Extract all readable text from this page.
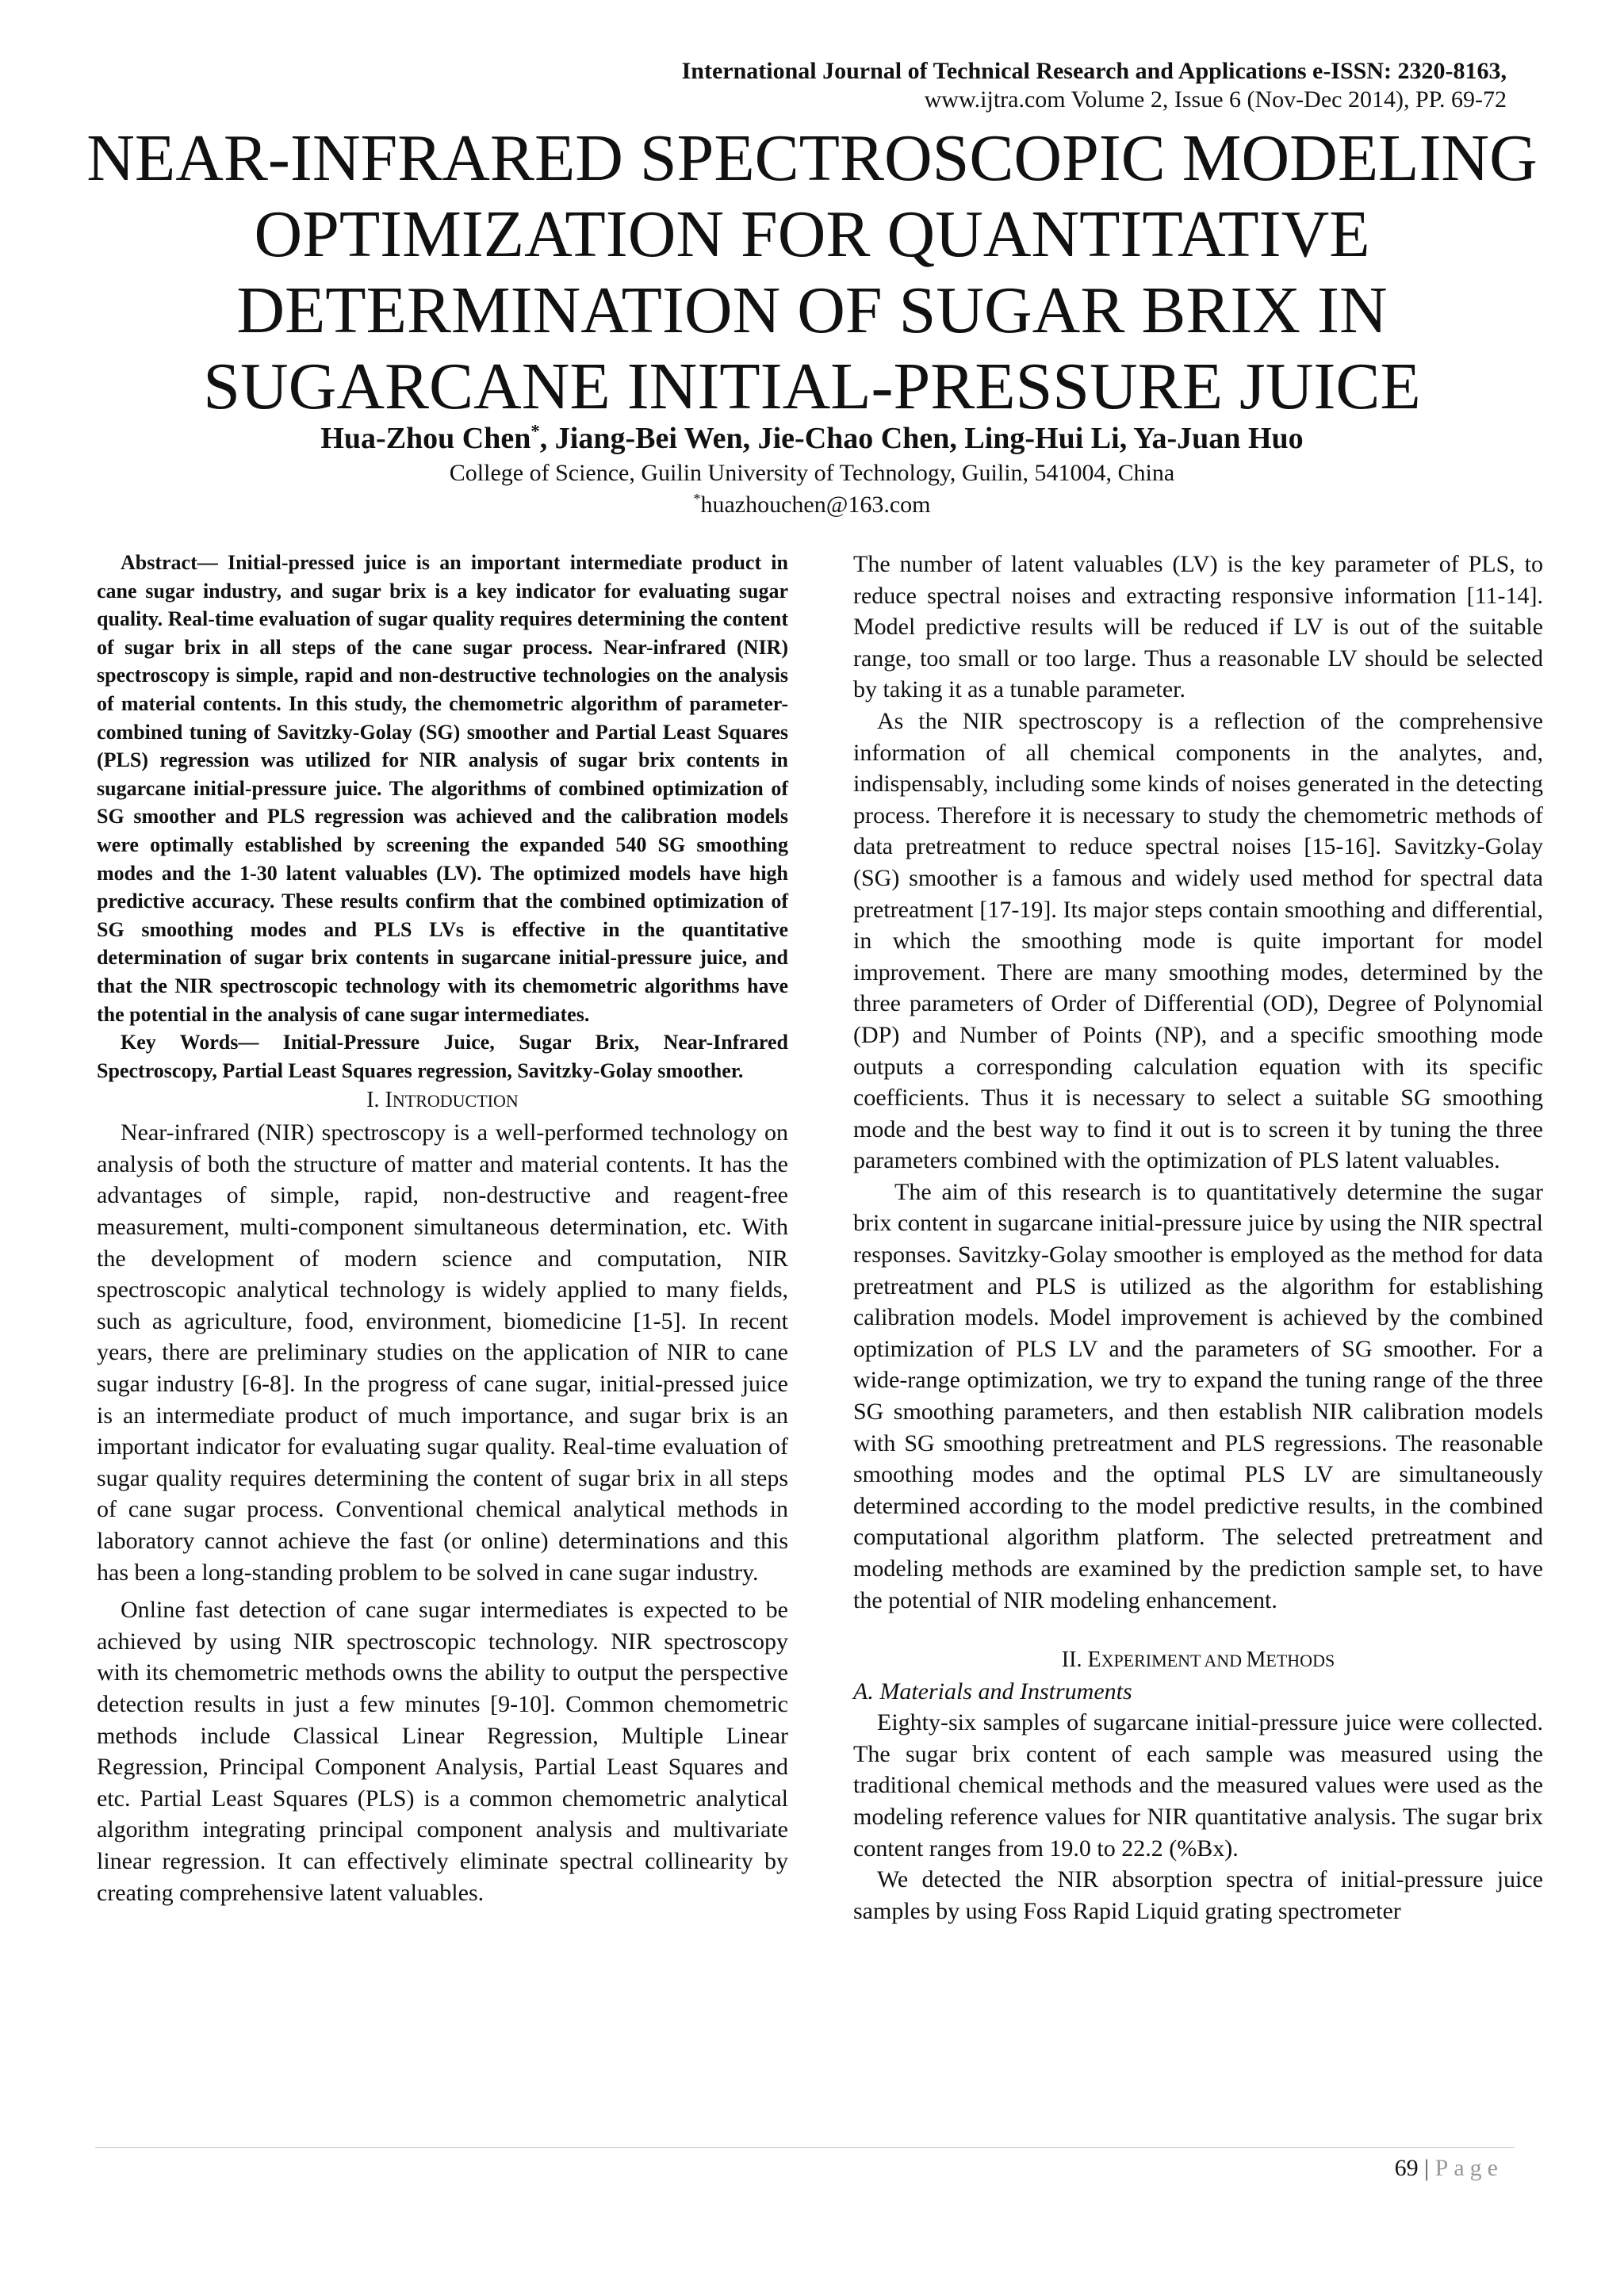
International Journal of Technical Research and Applications e-ISSN: 2320-8163,
www.ijtra.com Volume 2, Issue 6 (Nov-Dec 2014), PP. 69-72
NEAR-INFRARED SPECTROSCOPIC MODELING
OPTIMIZATION FOR QUANTITATIVE
DETERMINATION OF SUGAR BRIX IN
SUGARCANE INITIAL-PRESSURE JUICE
Hua-Zhou Chen*, Jiang-Bei Wen, Jie-Chao Chen, Ling-Hui Li, Ya-Juan Huo
College of Science, Guilin University of Technology, Guilin, 541004, China
*huazhouchen@163.com

Abstract— Initial-pressed juice is an important intermediate product in cane sugar industry, and sugar brix is a key indicator for evaluating sugar quality. Real-time evaluation of sugar quality requires determining the content of sugar brix in all steps of the cane sugar process. Near-infrared (NIR) spectroscopy is simple, rapid and non-destructive technologies on the analysis of material contents. In this study, the chemometric algorithm of parameter-combined tuning of Savitzky-Golay (SG) smoother and Partial Least Squares (PLS) regression was utilized for NIR analysis of sugar brix contents in sugarcane initial-pressure juice. The algorithms of combined optimization of SG smoother and PLS regression was achieved and the calibration models were optimally established by screening the expanded 540 SG smoothing modes and the 1-30 latent valuables (LV). The optimized models have high predictive accuracy. These results confirm that the combined optimization of SG smoothing modes and PLS LVs is effective in the quantitative determination of sugar brix contents in sugarcane initial-pressure juice, and that the NIR spectroscopic technology with its chemometric algorithms have the potential in the analysis of cane sugar intermediates.

Key Words— Initial-Pressure Juice, Sugar Brix, Near-Infrared Spectroscopy, Partial Least Squares regression, Savitzky-Golay smoother.

I. INTRODUCTION

Near-infrared (NIR) spectroscopy is a well-performed technology on analysis of both the structure of matter and material contents. It has the advantages of simple, rapid, non-destructive and reagent-free measurement, multi-component simultaneous determination, etc. With the development of modern science and computation, NIR spectroscopic analytical technology is widely applied to many fields, such as agriculture, food, environment, biomedicine [1-5]. In recent years, there are preliminary studies on the application of NIR to cane sugar industry [6-8]. In the progress of cane sugar, initial-pressed juice is an intermediate product of much importance, and sugar brix is an important indicator for evaluating sugar quality. Real-time evaluation of sugar quality requires determining the content of sugar brix in all steps of cane sugar process. Conventional chemical analytical methods in laboratory cannot achieve the fast (or online) determinations and this has been a long-standing problem to be solved in cane sugar industry.

Online fast detection of cane sugar intermediates is expected to be achieved by using NIR spectroscopic technology. NIR spectroscopy with its chemometric methods owns the ability to output the perspective detection results in just a few minutes [9-10]. Common chemometric methods include Classical Linear Regression, Multiple Linear Regression, Principal Component Analysis, Partial Least Squares and etc. Partial Least Squares (PLS) is a common chemometric analytical algorithm integrating principal component analysis and multivariate linear regression. It can effectively eliminate spectral collinearity by creating comprehensive latent valuables.

The number of latent valuables (LV) is the key parameter of PLS, to reduce spectral noises and extracting responsive information [11-14]. Model predictive results will be reduced if LV is out of the suitable range, too small or too large. Thus a reasonable LV should be selected by taking it as a tunable parameter.

As the NIR spectroscopy is a reflection of the comprehensive information of all chemical components in the analytes, and, indispensably, including some kinds of noises generated in the detecting process. Therefore it is necessary to study the chemometric methods of data pretreatment to reduce spectral noises [15-16]. Savitzky-Golay (SG) smoother is a famous and widely used method for spectral data pretreatment [17-19]. Its major steps contain smoothing and differential, in which the smoothing mode is quite important for model improvement. There are many smoothing modes, determined by the three parameters of Order of Differential (OD), Degree of Polynomial (DP) and Number of Points (NP), and a specific smoothing mode outputs a corresponding calculation equation with its specific coefficients. Thus it is necessary to select a suitable SG smoothing mode and the best way to find it out is to screen it by tuning the three parameters combined with the optimization of PLS latent valuables.

The aim of this research is to quantitatively determine the sugar brix content in sugarcane initial-pressure juice by using the NIR spectral responses. Savitzky-Golay smoother is employed as the method for data pretreatment and PLS is utilized as the algorithm for establishing calibration models. Model improvement is achieved by the combined optimization of PLS LV and the parameters of SG smoother. For a wide-range optimization, we try to expand the tuning range of the three SG smoothing parameters, and then establish NIR calibration models with SG smoothing pretreatment and PLS regressions. The reasonable smoothing modes and the optimal PLS LV are simultaneously determined according to the model predictive results, in the combined computational algorithm platform. The selected pretreatment and modeling methods are examined by the prediction sample set, to have the potential of NIR modeling enhancement.

II. EXPERIMENT AND METHODS

A. Materials and Instruments

Eighty-six samples of sugarcane initial-pressure juice were collected. The sugar brix content of each sample was measured using the traditional chemical methods and the measured values were used as the modeling reference values for NIR quantitative analysis. The sugar brix content ranges from 19.0 to 22.2 (%Bx).

We detected the NIR absorption spectra of initial-pressure juice samples by using Foss Rapid Liquid grating spectrometer

69 | Page
